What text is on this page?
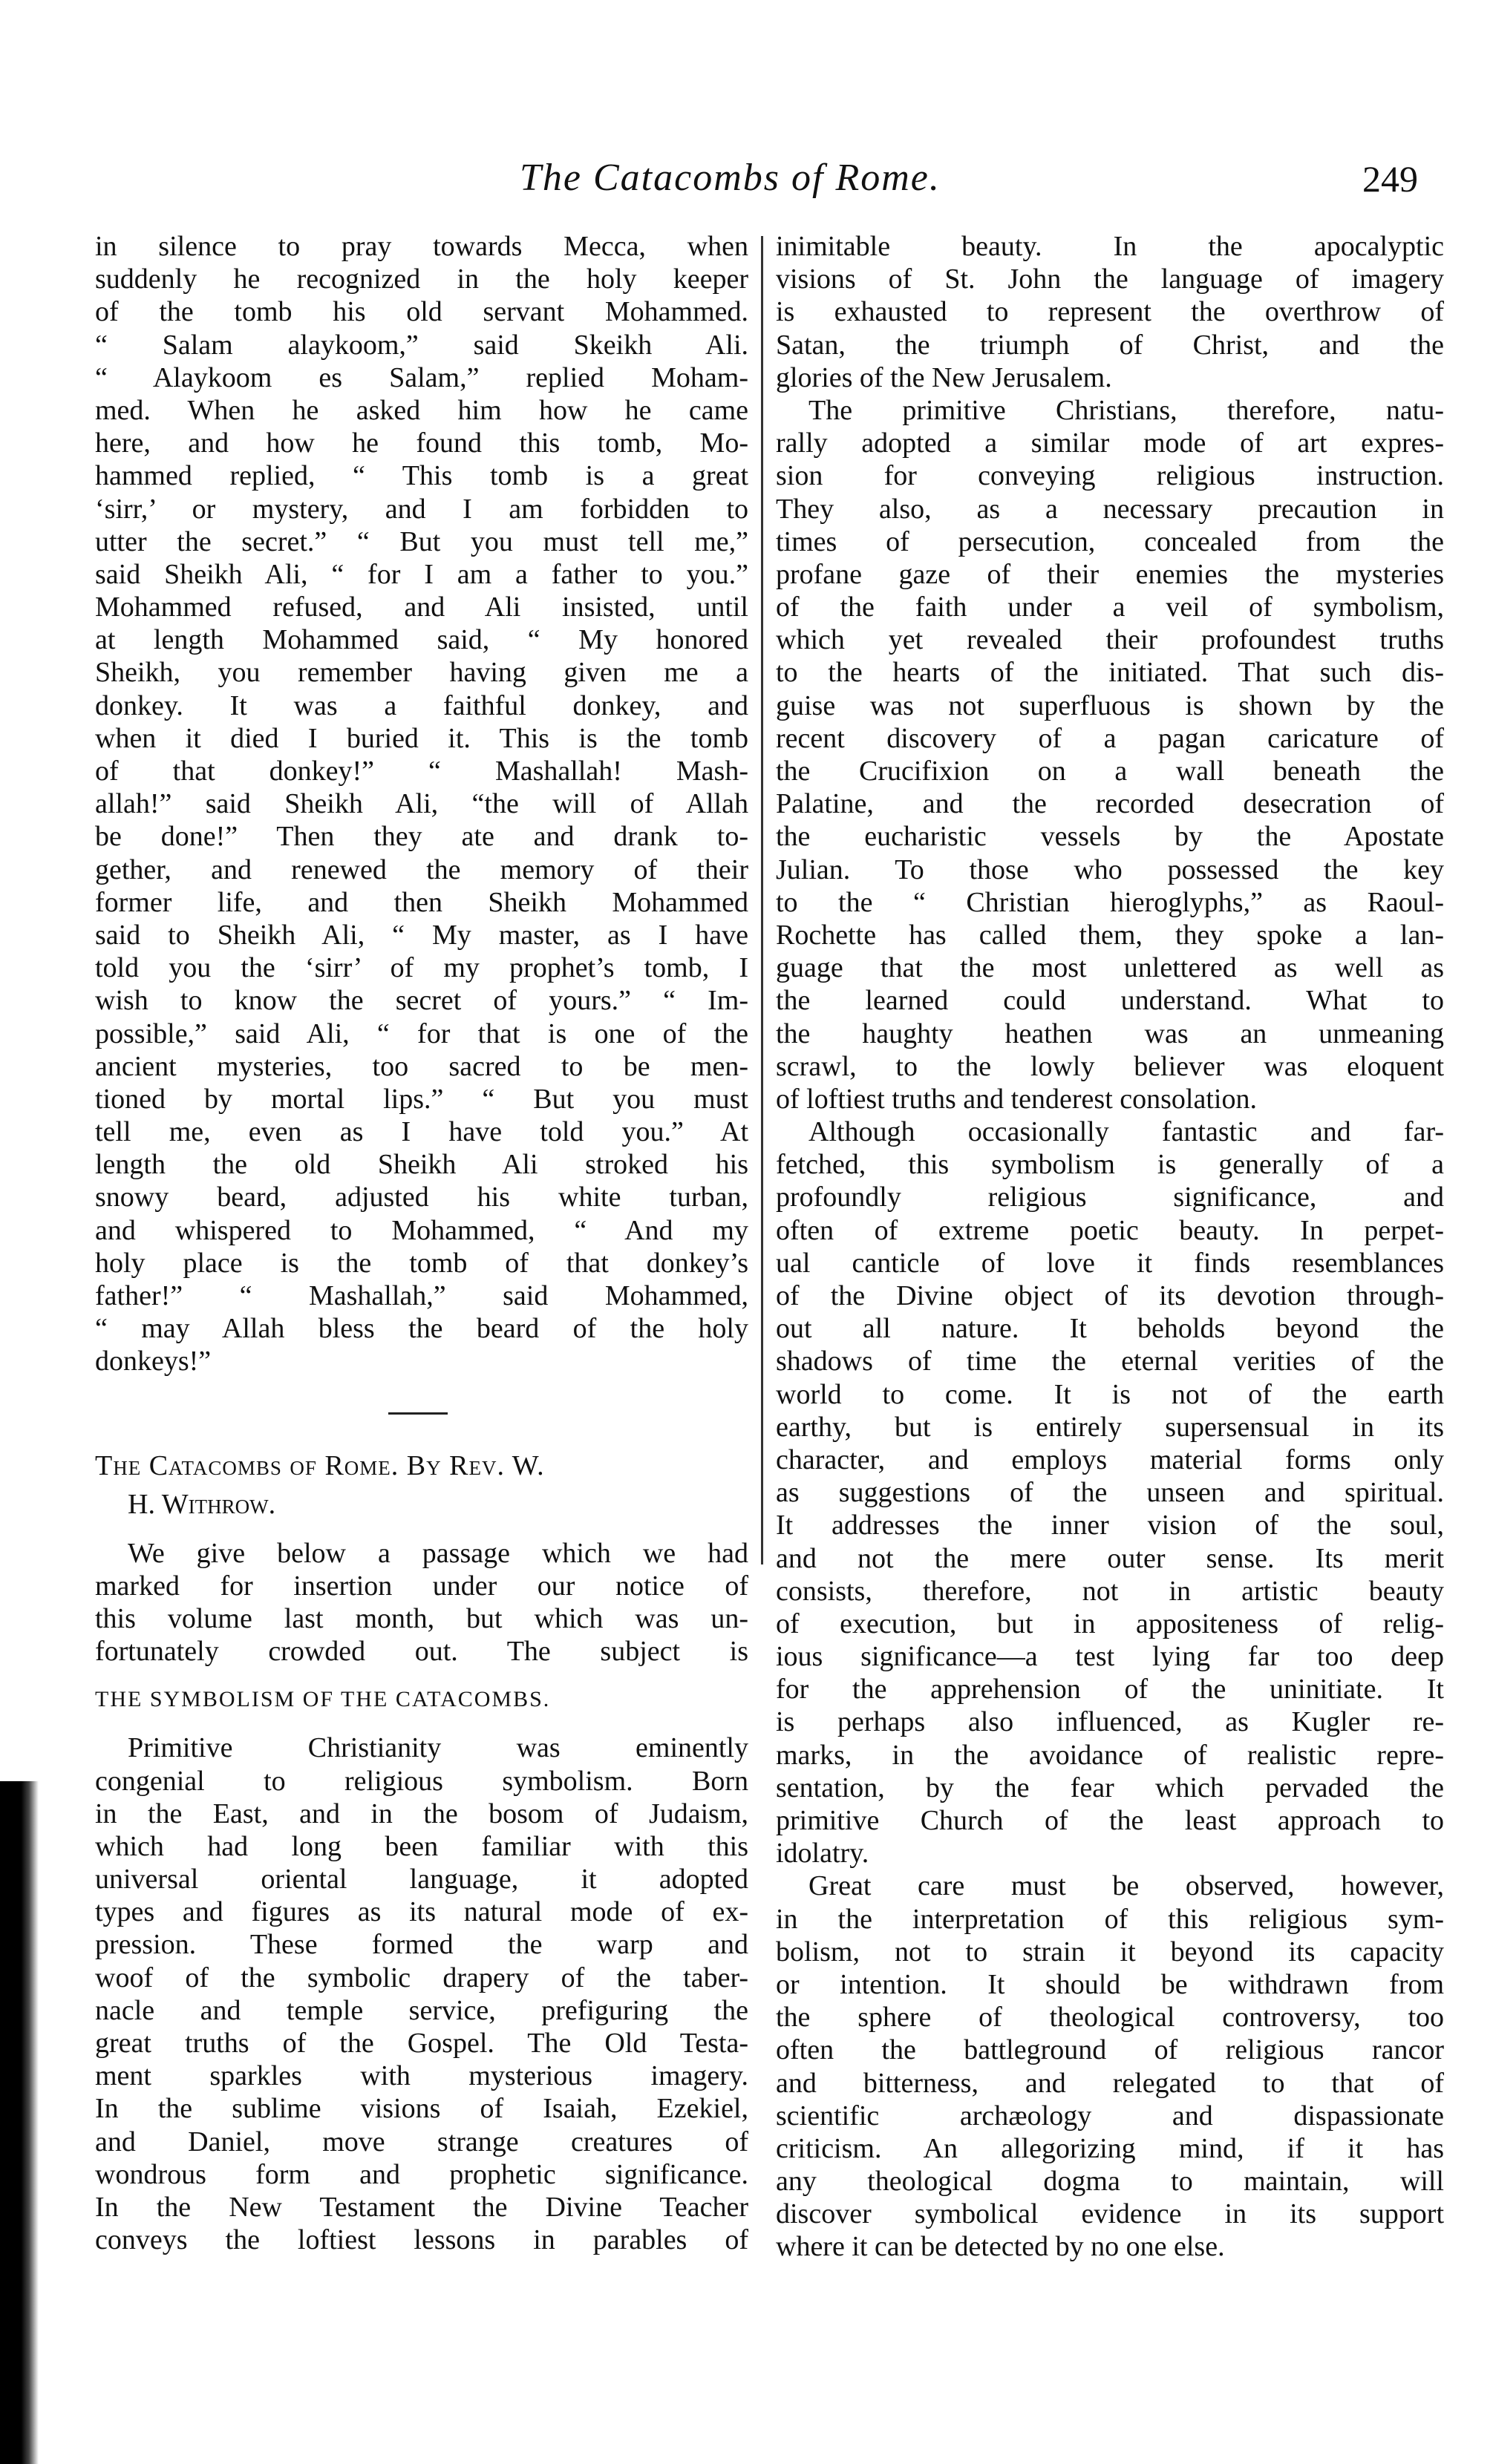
The Catacombs of Rome.	249
in silence to pray towards Mecca, when
suddenly he recognized in the holy keeper
of the tomb his old servant Mohammed.
“ Salam alaykoom,” said Skeikh Ali.
“ Alaykoom es Salam,” replied Moham-
med. When he asked him how he came
here, and how he found this tomb, Mo-
hammed replied, “ This tomb is a great
‘sirr,’ or mystery, and I am forbidden to
utter the secret.” “ But you must tell me,”
said Sheikh Ali, “ for I am a father to you.”
Mohammed refused, and Ali insisted, until
at length Mohammed said, “ My honored
Sheikh, you remember having given me a
donkey. It was a faithful donkey, and
when it died I buried it. This is the tomb
of that donkey!” “ Mashallah! Mash-
allah!” said Sheikh Ali, “the will of Allah
be done!” Then they ate and drank to-
gether, and renewed the memory of their
former life, and then Sheikh Mohammed
said to Sheikh Ali, “ My master, as I have
told you the ‘sirr’ of my prophet’s tomb, I
wish to know the secret of yours.” “ Im-
possible,” said Ali, “ for that is one of the
ancient mysteries, too sacred to be men-
tioned by mortal lips.” “ But you must
tell me, even as I have told you.” At
length the old Sheikh Ali stroked his
snowy beard, adjusted his white turban,
and whispered to Mohammed, “ And my
holy place is the tomb of that donkey’s
father!” “ Mashallah,” said Mohammed,
“ may Allah bless the beard of the holy
donkeys!”
The Catacombs of Rome. By Rev. W.
H. Withrow.
We give below a passage which we had
marked for insertion under our notice of
this volume last month, but which was un-
fortunately crowded out. The subject is
THE SYMBOLISM OF THE CATACOMBS.
Primitive Christianity was eminently
congenial to religious symbolism. Born
in the East, and in the bosom of Judaism,
which had long been familiar with this
universal oriental language, it adopted
types and figures as its natural mode of ex-
pression. These formed the warp and
woof of the symbolic drapery of the taber-
nacle and temple service, prefiguring the
great truths of the Gospel. The Old Testa-
ment sparkles with mysterious imagery.
In the sublime visions of Isaiah, Ezekiel,
and Daniel, move strange creatures of
wondrous form and prophetic significance.
In the New Testament the Divine Teacher
conveys the loftiest lessons in parables of
inimitable beauty. In the apocalyptic
visions of St. John the language of imagery
is exhausted to represent the overthrow of
Satan, the triumph of Christ, and the
glories of the New Jerusalem.
The primitive Christians, therefore, natu-
rally adopted a similar mode of art expres-
sion for conveying religious instruction.
They also, as a necessary precaution in
times of persecution, concealed from the
profane gaze of their enemies the mysteries
of the faith under a veil of symbolism,
which yet revealed their profoundest truths
to the hearts of the initiated. That such dis-
guise was not superfluous is shown by the
recent discovery of a pagan caricature of
the Crucifixion on a wall beneath the
Palatine, and the recorded desecration of
the eucharistic vessels by the Apostate
Julian. To those who possessed the key
to the “ Christian hieroglyphs,” as Raoul-
Rochette has called them, they spoke a lan-
guage that the most unlettered as well as
the learned could understand. What to
the haughty heathen was an unmeaning
scrawl, to the lowly believer was eloquent
of loftiest truths and tenderest consolation.
Although occasionally fantastic and far-
fetched, this symbolism is generally of a
profoundly religious significance, and
often of extreme poetic beauty. In perpet-
ual canticle of love it finds resemblances
of the Divine object of its devotion through-
out all nature. It beholds beyond the
shadows of time the eternal verities of the
world to come. It is not of the earth
earthy, but is entirely supersensual in its
character, and employs material forms only
as suggestions of the unseen and spiritual.
It addresses the inner vision of the soul,
and not the mere outer sense. Its merit
consists, therefore, not in artistic beauty
of execution, but in appositeness of relig-
ious significance—a test lying far too deep
for the apprehension of the uninitiate. It
is perhaps also influenced, as Kugler re-
marks, in the avoidance of realistic repre-
sentation, by the fear which pervaded the
primitive Church of the least approach to
idolatry.
Great care must be observed, however,
in the interpretation of this religious sym-
bolism, not to strain it beyond its capacity
or intention. It should be withdrawn from
the sphere of theological controversy, too
often the battleground of religious rancor
and bitterness, and relegated to that of
scientific archæology and dispassionate
criticism. An allegorizing mind, if it has
any theological dogma to maintain, will
discover symbolical evidence in its support
where it can be detected by no one else.
